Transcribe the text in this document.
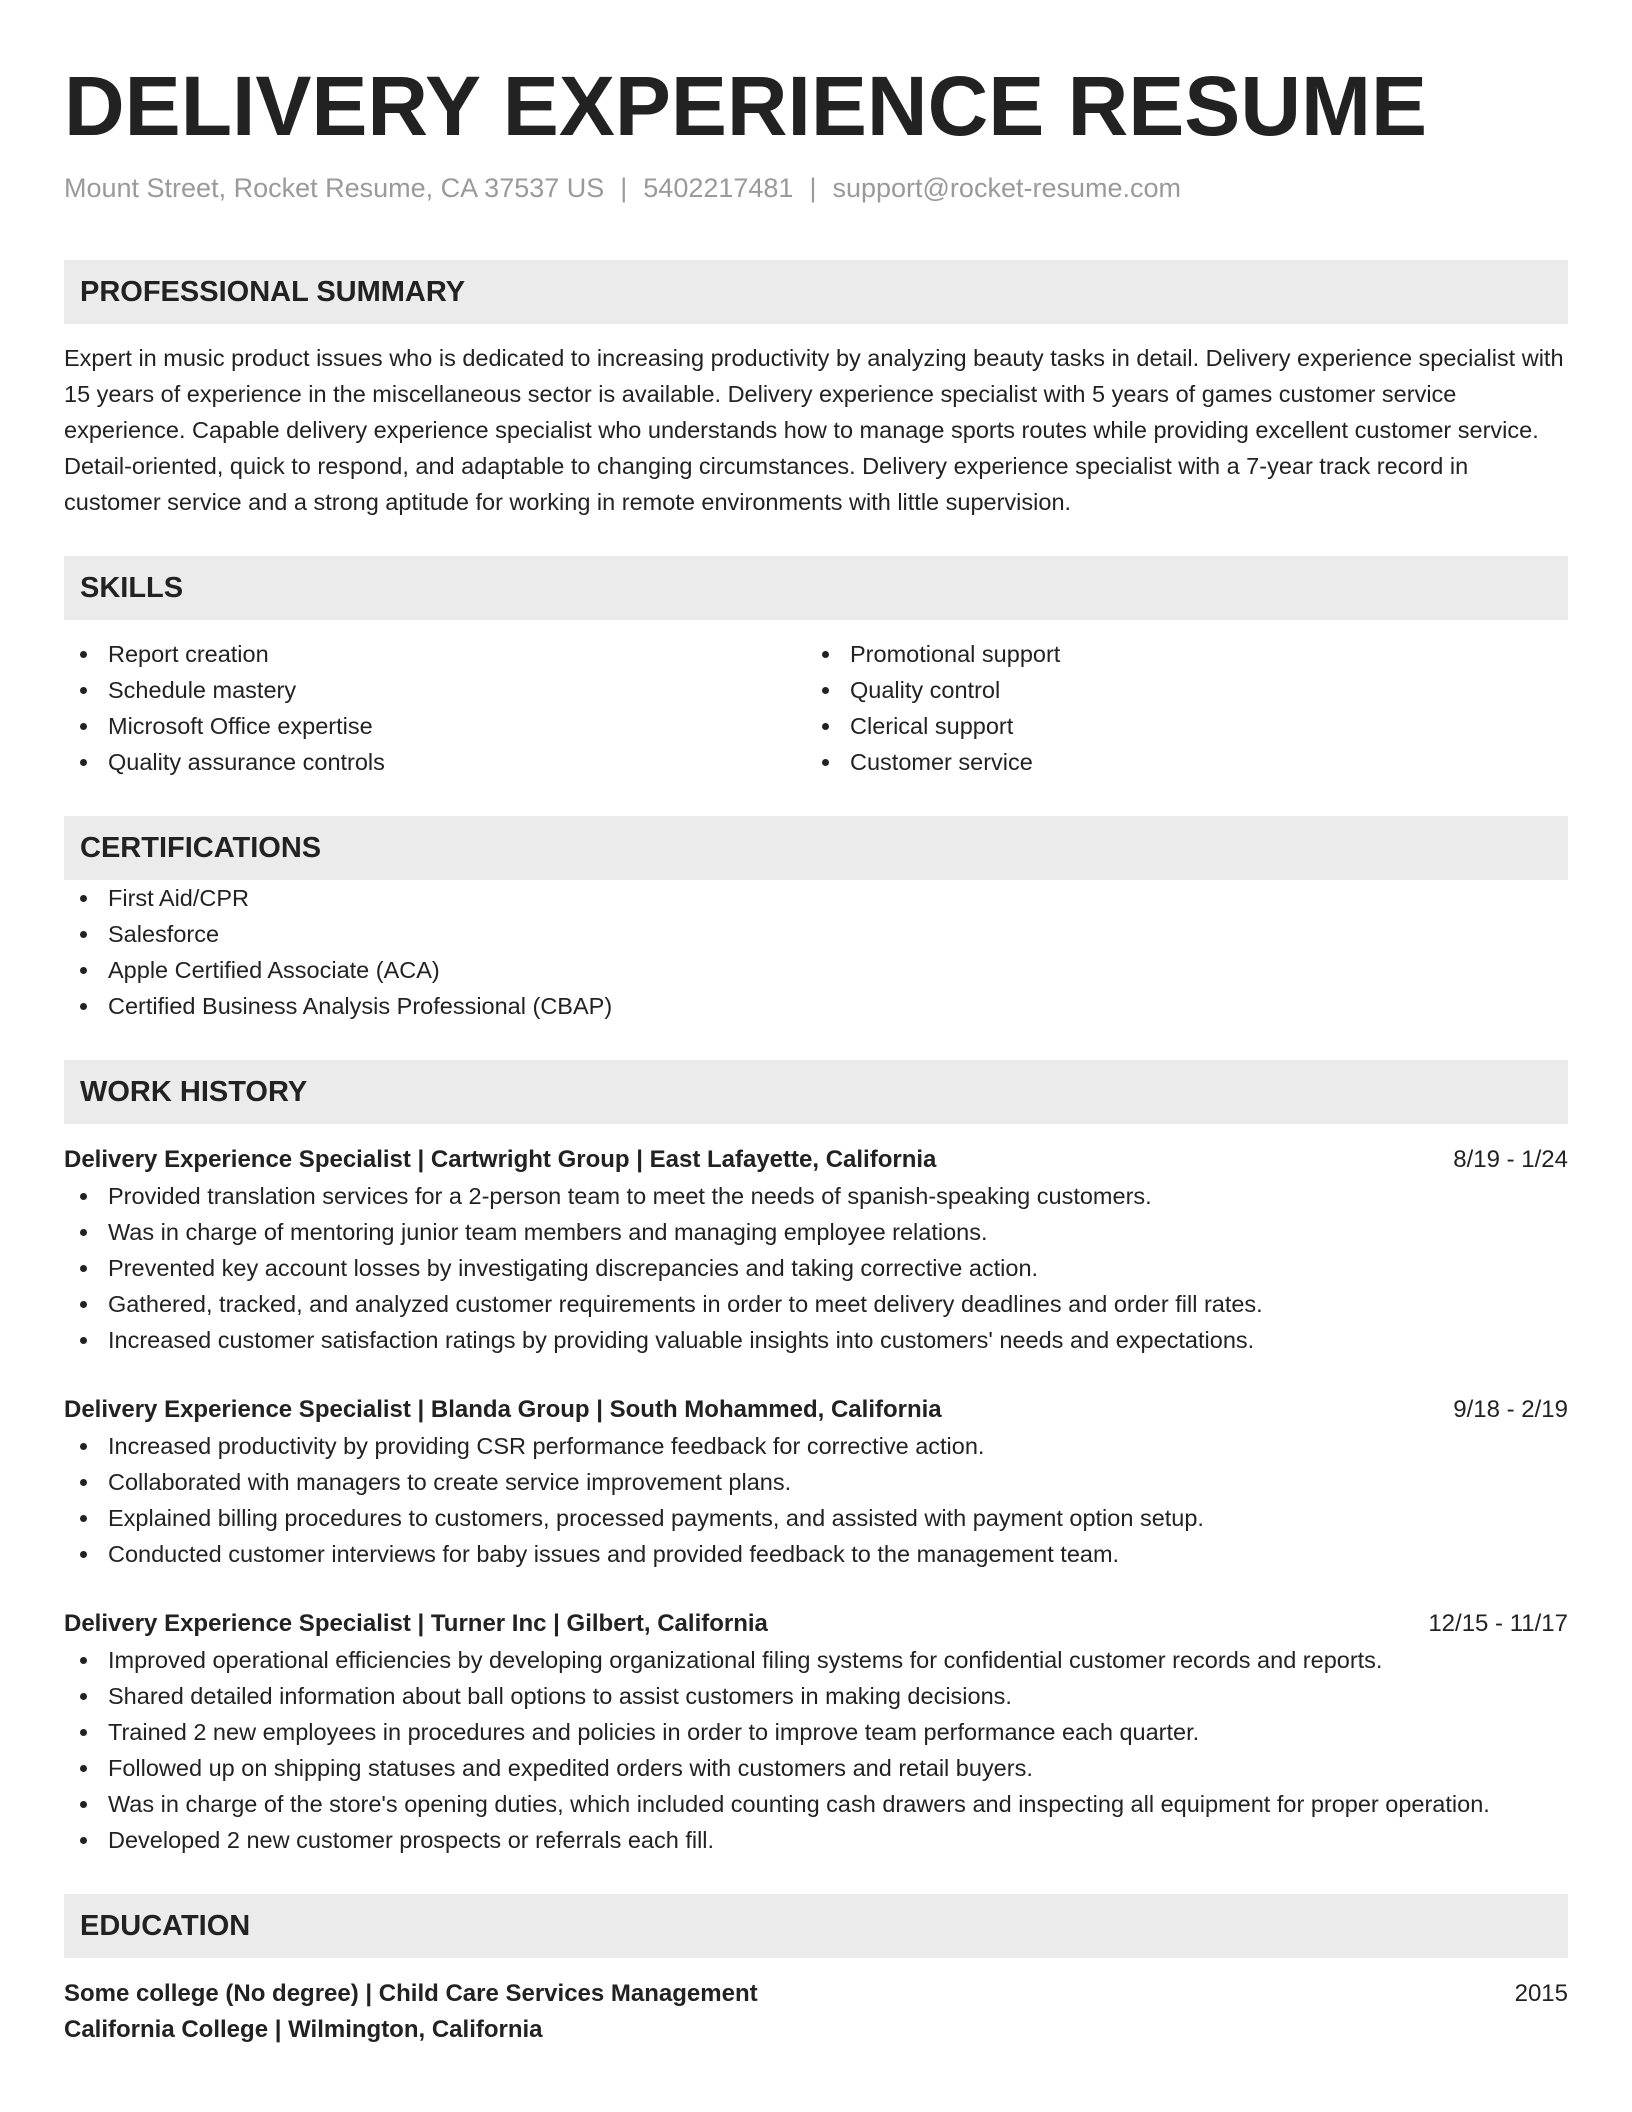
DELIVERY EXPERIENCE RESUME
Mount Street, Rocket Resume, CA 37537 US | 5402217481 | support@rocket-resume.com
PROFESSIONAL SUMMARY
Expert in music product issues who is dedicated to increasing productivity by analyzing beauty tasks in detail. Delivery experience specialist with 15 years of experience in the miscellaneous sector is available. Delivery experience specialist with 5 years of games customer service experience. Capable delivery experience specialist who understands how to manage sports routes while providing excellent customer service. Detail-oriented, quick to respond, and adaptable to changing circumstances. Delivery experience specialist with a 7-year track record in customer service and a strong aptitude for working in remote environments with little supervision.
SKILLS
Report creation
Schedule mastery
Microsoft Office expertise
Quality assurance controls
Promotional support
Quality control
Clerical support
Customer service
CERTIFICATIONS
First Aid/CPR
Salesforce
Apple Certified Associate (ACA)
Certified Business Analysis Professional (CBAP)
WORK HISTORY
Delivery Experience Specialist | Cartwright Group | East Lafayette, California	8/19 - 1/24
Provided translation services for a 2-person team to meet the needs of spanish-speaking customers.
Was in charge of mentoring junior team members and managing employee relations.
Prevented key account losses by investigating discrepancies and taking corrective action.
Gathered, tracked, and analyzed customer requirements in order to meet delivery deadlines and order fill rates.
Increased customer satisfaction ratings by providing valuable insights into customers' needs and expectations.
Delivery Experience Specialist | Blanda Group | South Mohammed, California	9/18 - 2/19
Increased productivity by providing CSR performance feedback for corrective action.
Collaborated with managers to create service improvement plans.
Explained billing procedures to customers, processed payments, and assisted with payment option setup.
Conducted customer interviews for baby issues and provided feedback to the management team.
Delivery Experience Specialist | Turner Inc | Gilbert, California	12/15 - 11/17
Improved operational efficiencies by developing organizational filing systems for confidential customer records and reports.
Shared detailed information about ball options to assist customers in making decisions.
Trained 2 new employees in procedures and policies in order to improve team performance each quarter.
Followed up on shipping statuses and expedited orders with customers and retail buyers.
Was in charge of the store's opening duties, which included counting cash drawers and inspecting all equipment for proper operation.
Developed 2 new customer prospects or referrals each fill.
EDUCATION
Some college (No degree) | Child Care Services Management	2015
California College | Wilmington, California
